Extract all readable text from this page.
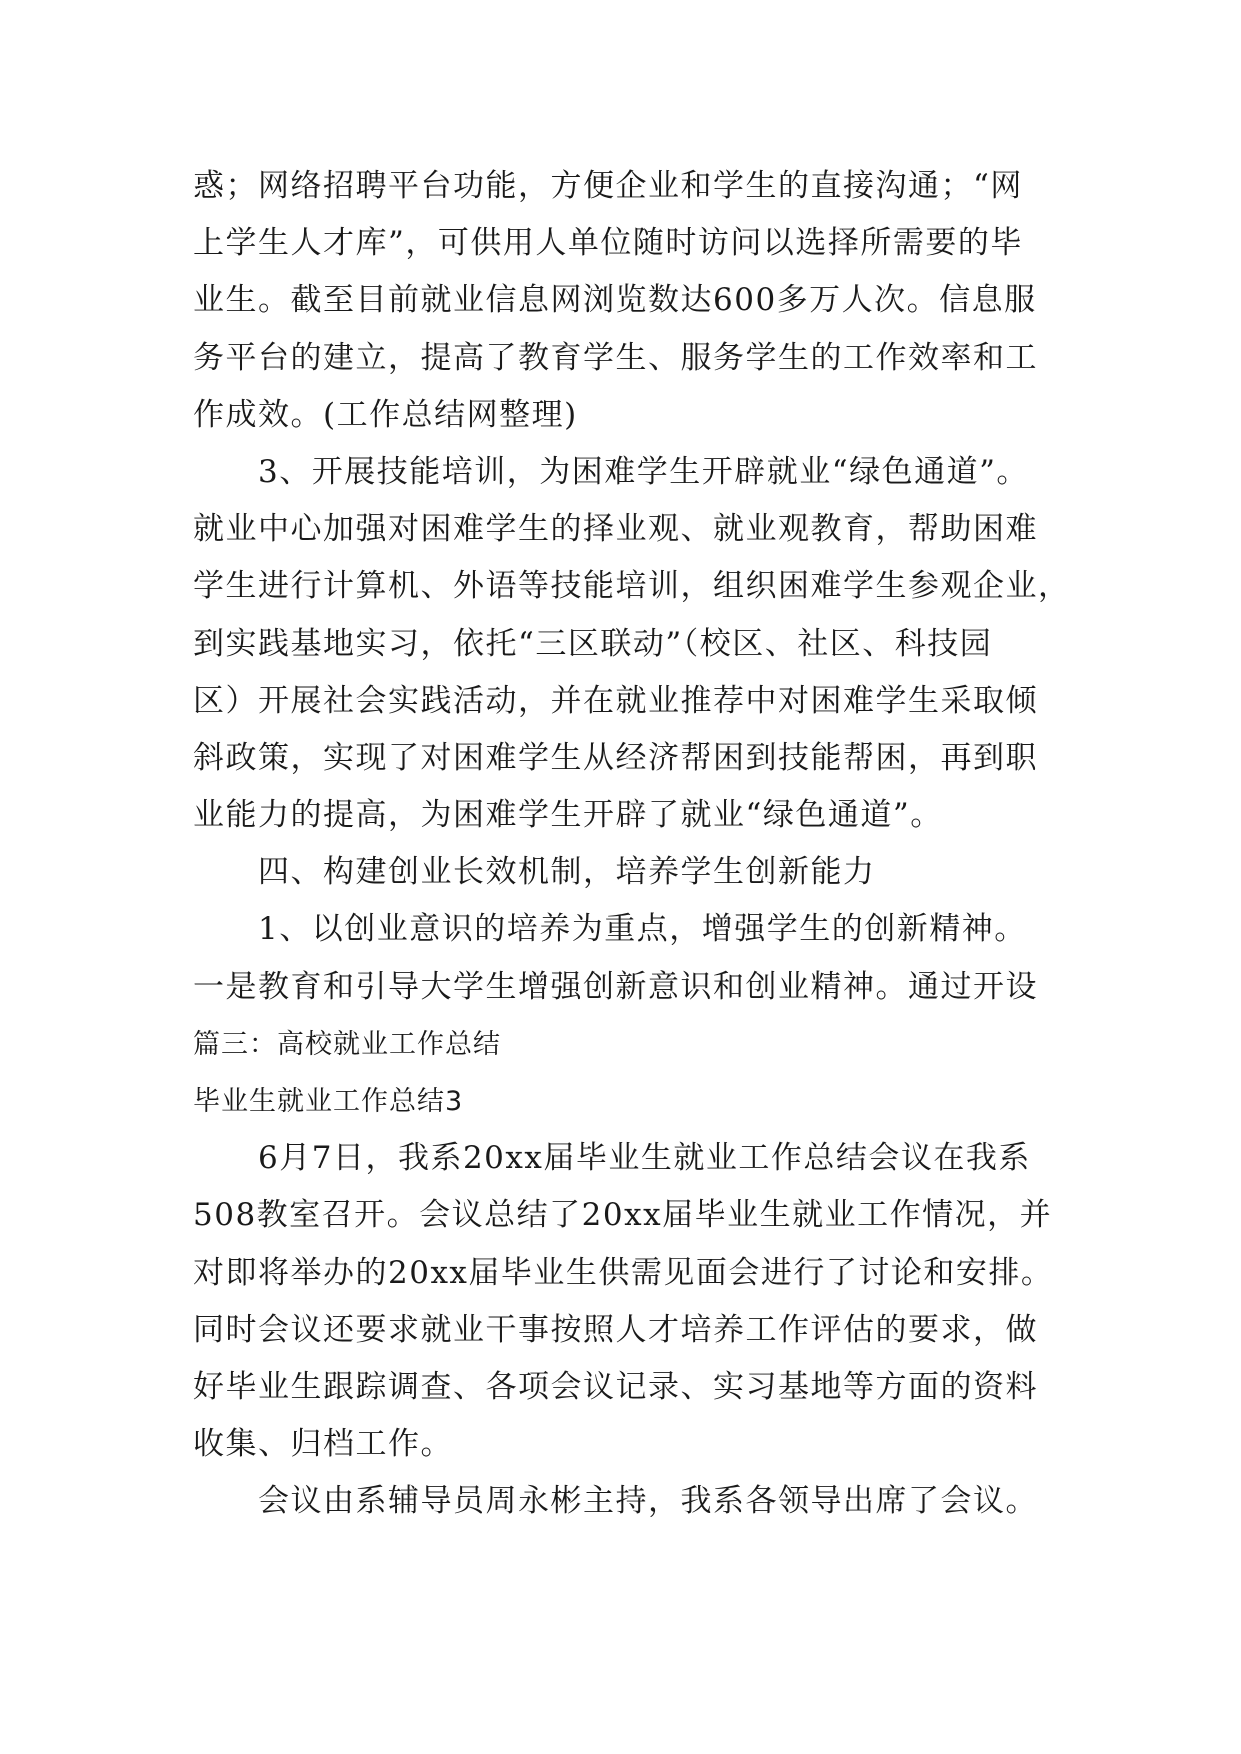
惑；网络招聘平台功能，方便企业和学生的直接沟通；“网
上学生人才库”，可供用人单位随时访问以选择所需要的毕
业生。截至目前就业信息网浏览数达600多万人次。信息服
务平台的建立，提高了教育学生、服务学生的工作效率和工
作成效。(工作总结网整理)
3、开展技能培训，为困难学生开辟就业“绿色通道”。
就业中心加强对困难学生的择业观、就业观教育，帮助困难
学生进行计算机、外语等技能培训，组织困难学生参观企业，
到实践基地实习，依托“三区联动”（校区、社区、科技园
区）开展社会实践活动，并在就业推荐中对困难学生采取倾
斜政策，实现了对困难学生从经济帮困到技能帮困，再到职
业能力的提高，为困难学生开辟了就业“绿色通道”。
四、构建创业长效机制，培养学生创新能力
1、以创业意识的培养为重点，增强学生的创新精神。
一是教育和引导大学生增强创新意识和创业精神。通过开设
篇三：高校就业工作总结
毕业生就业工作总结3
6月7日，我系20xx届毕业生就业工作总结会议在我系
508教室召开。会议总结了20xx届毕业生就业工作情况，并
对即将举办的20xx届毕业生供需见面会进行了讨论和安排。
同时会议还要求就业干事按照人才培养工作评估的要求，做
好毕业生跟踪调查、各项会议记录、实习基地等方面的资料
收集、归档工作。
会议由系辅导员周永彬主持，我系各领导出席了会议。
